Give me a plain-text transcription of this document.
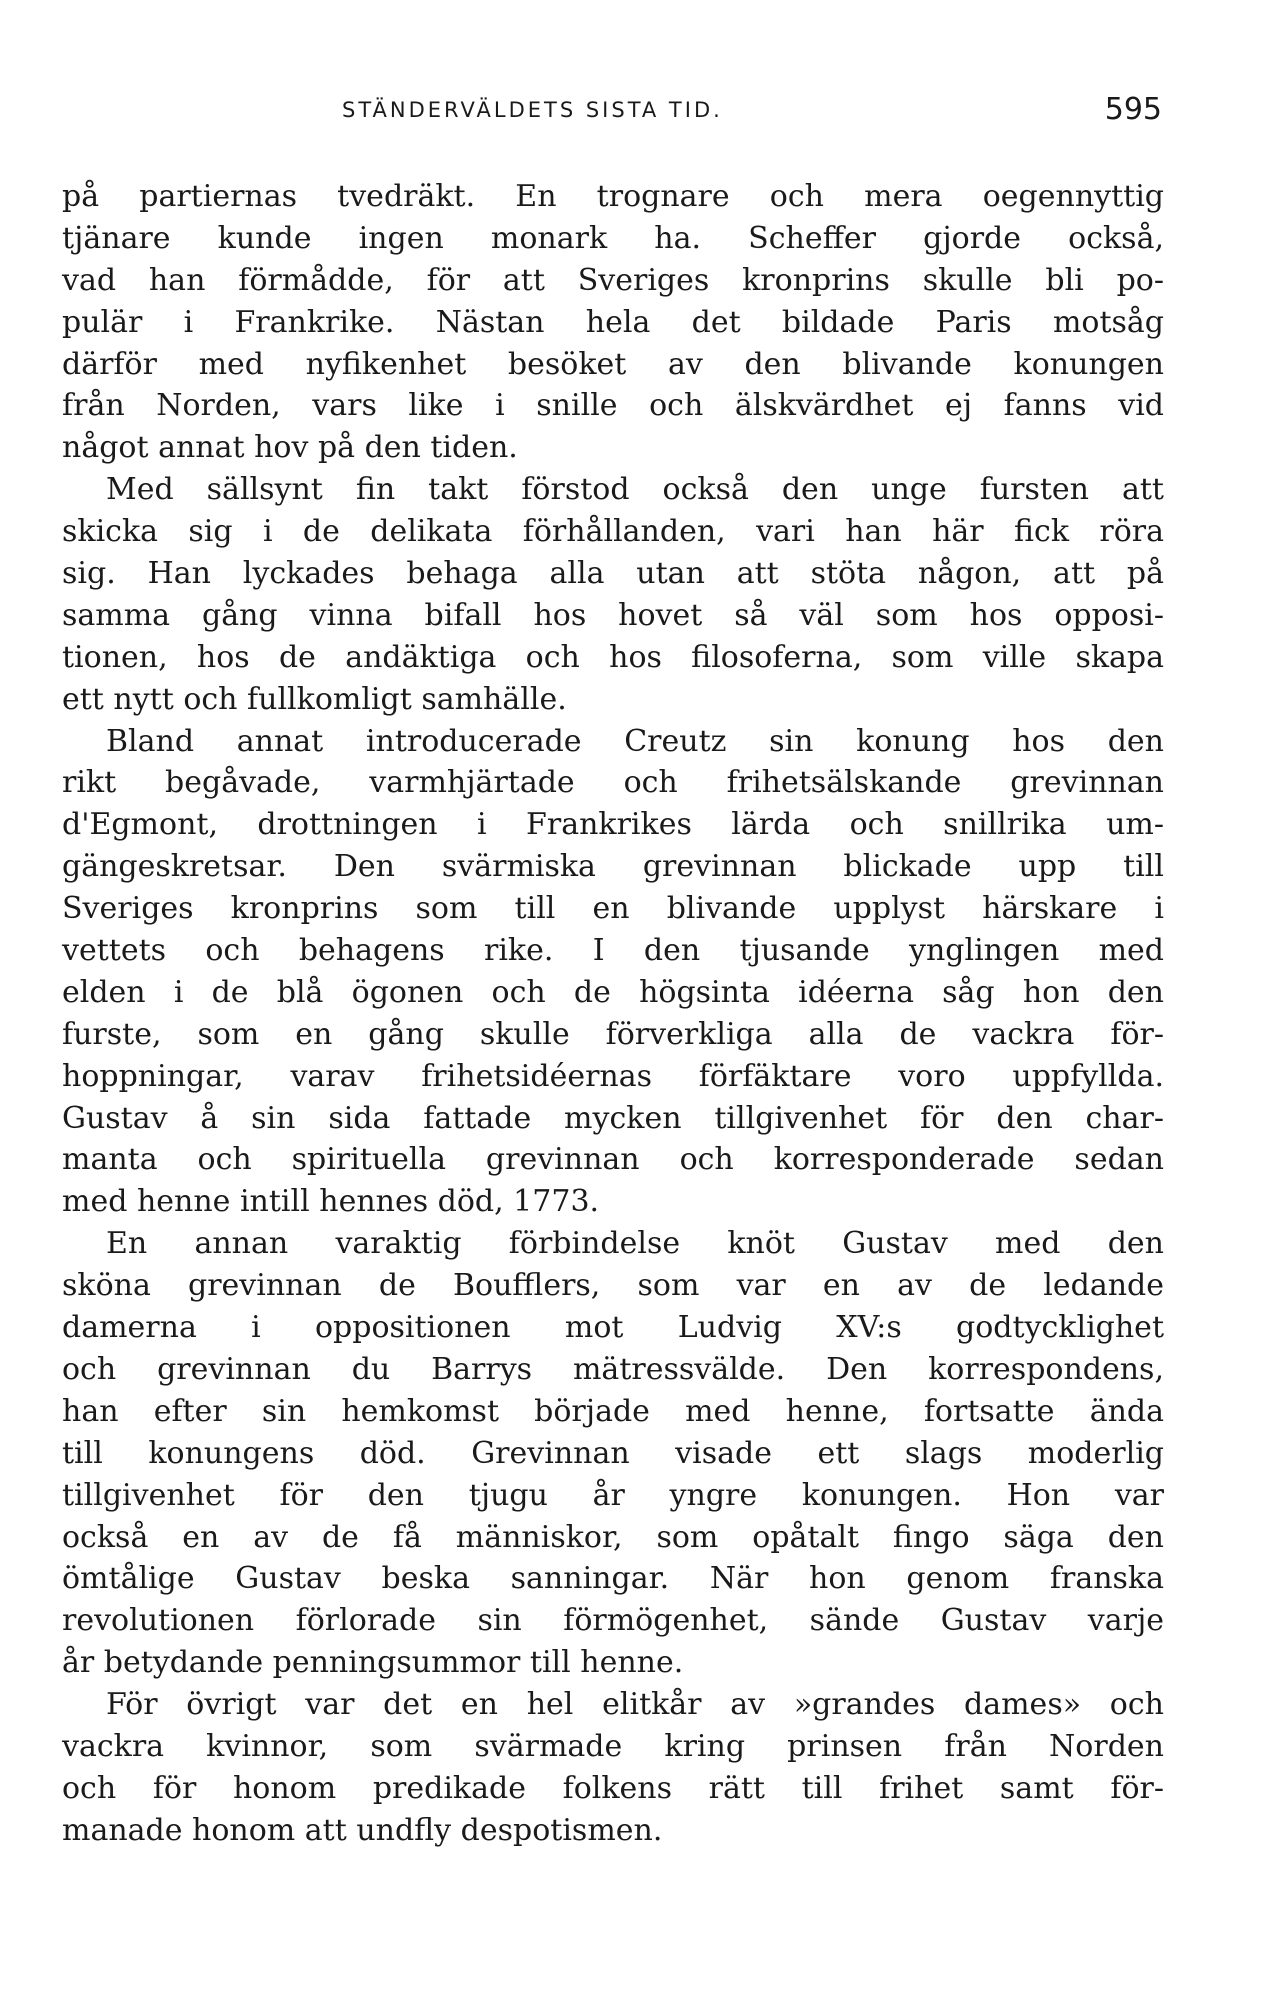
STÄNDERVÄLDETS SISTA TID.	595
på partiernas tvedräkt. En trognare och mera oegennyttig
tjänare kunde ingen monark ha. Scheffer gjorde också,
vad han förmådde, för att Sveriges kronprins skulle bli po-
pulär i Frankrike. Nästan hela det bildade Paris motsåg
därför med nyfikenhet besöket av den blivande konungen
från Norden, vars like i snille och älskvärdhet ej fanns vid
något annat hov på den tiden.
Med sällsynt fin takt förstod också den unge fursten att
skicka sig i de delikata förhållanden, vari han här fick röra
sig. Han lyckades behaga alla utan att stöta någon, att på
samma gång vinna bifall hos hovet så väl som hos opposi-
tionen, hos de andäktiga och hos filosoferna, som ville skapa
ett nytt och fullkomligt samhälle.
Bland annat introducerade Creutz sin konung hos den
rikt begåvade, varmhjärtade och frihetsälskande grevinnan
d'Egmont, drottningen i Frankrikes lärda och snillrika um-
gängeskretsar. Den svärmiska grevinnan blickade upp till
Sveriges kronprins som till en blivande upplyst härskare i
vettets och behagens rike. I den tjusande ynglingen med
elden i de blå ögonen och de högsinta idéerna såg hon den
furste, som en gång skulle förverkliga alla de vackra för-
hoppningar, varav frihetsidéernas förfäktare voro uppfyllda.
Gustav å sin sida fattade mycken tillgivenhet för den char-
manta och spirituella grevinnan och korresponderade sedan
med henne intill hennes död, 1773.
En annan varaktig förbindelse knöt Gustav med den
sköna grevinnan de Boufflers, som var en av de ledande
damerna i oppositionen mot Ludvig XV:s godtycklighet
och grevinnan du Barrys mätressvälde. Den korrespondens,
han efter sin hemkomst började med henne, fortsatte ända
till konungens död. Grevinnan visade ett slags moderlig
tillgivenhet för den tjugu år yngre konungen. Hon var
också en av de få människor, som opåtalt fingo säga den
ömtålige Gustav beska sanningar. När hon genom franska
revolutionen förlorade sin förmögenhet, sände Gustav varje
år betydande penningsummor till henne.
För övrigt var det en hel elitkår av »grandes dames» och
vackra kvinnor, som svärmade kring prinsen från Norden
och för honom predikade folkens rätt till frihet samt för-
manade honom att undfly despotismen.
